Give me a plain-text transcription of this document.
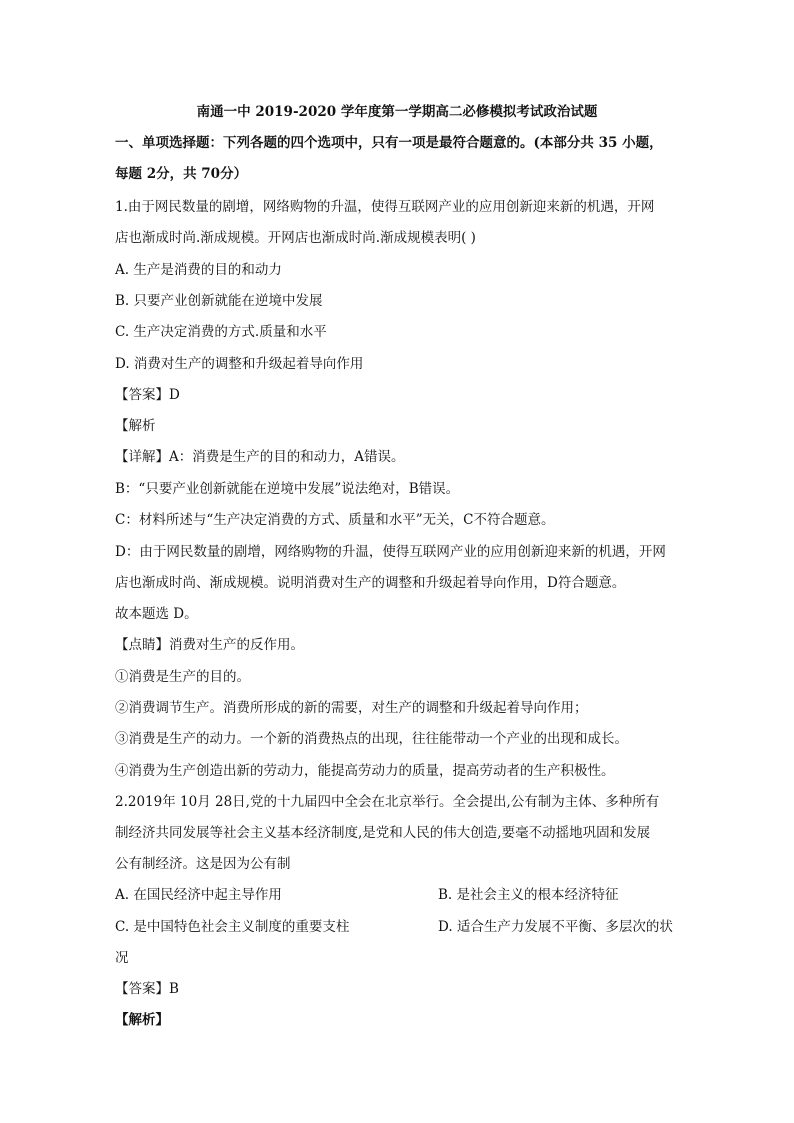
南通一中 2019-2020 学年度第一学期高二必修模拟考试政治试题
一、单项选择题：下列各题的四个选项中，只有一项是最符合题意的。(本部分共 35 小题，
每题 2分，共 70分）
1.由于网民数量的剧增，网络购物的升温，使得互联网产业的应用创新迎来新的机遇，开网
店也渐成时尚.渐成规模。开网店也渐成时尚.渐成规模表明( )
A. 生产是消费的目的和动力
B. 只要产业创新就能在逆境中发展
C. 生产决定消费的方式.质量和水平
D. 消费对生产的调整和升级起着导向作用
【答案】D
【解析
【详解】A：消费是生产的目的和动力，A错误。
B：“只要产业创新就能在逆境中发展”说法绝对，B错误。
C：材料所述与“生产决定消费的方式、质量和水平”无关，C不符合题意。
D：由于网民数量的剧增，网络购物的升温，使得互联网产业的应用创新迎来新的机遇，开网
店也渐成时尚、渐成规模。说明消费对生产的调整和升级起着导向作用，D符合题意。
故本题选 D。
【点睛】消费对生产的反作用。
①消费是生产的目的。
②消费调节生产。消费所形成的新的需要，对生产的调整和升级起着导向作用；
③消费是生产的动力。一个新的消费热点的出现，往往能带动一个产业的出现和成长。
④消费为生产创造出新的劳动力，能提高劳动力的质量，提高劳动者的生产积极性。
2.2019年 10月 28日,党的十九届四中全会在北京举行。全会提出,公有制为主体、多种所有
制经济共同发展等社会主义基本经济制度,是党和人民的伟大创造,要毫不动摇地巩固和发展
公有制经济。这是因为公有制
A. 在国民经济中起主导作用	B. 是社会主义的根本经济特征
C. 是中国特色社会主义制度的重要支柱	D. 适合生产力发展不平衡、多层次的状
况
【答案】B
【解析】
